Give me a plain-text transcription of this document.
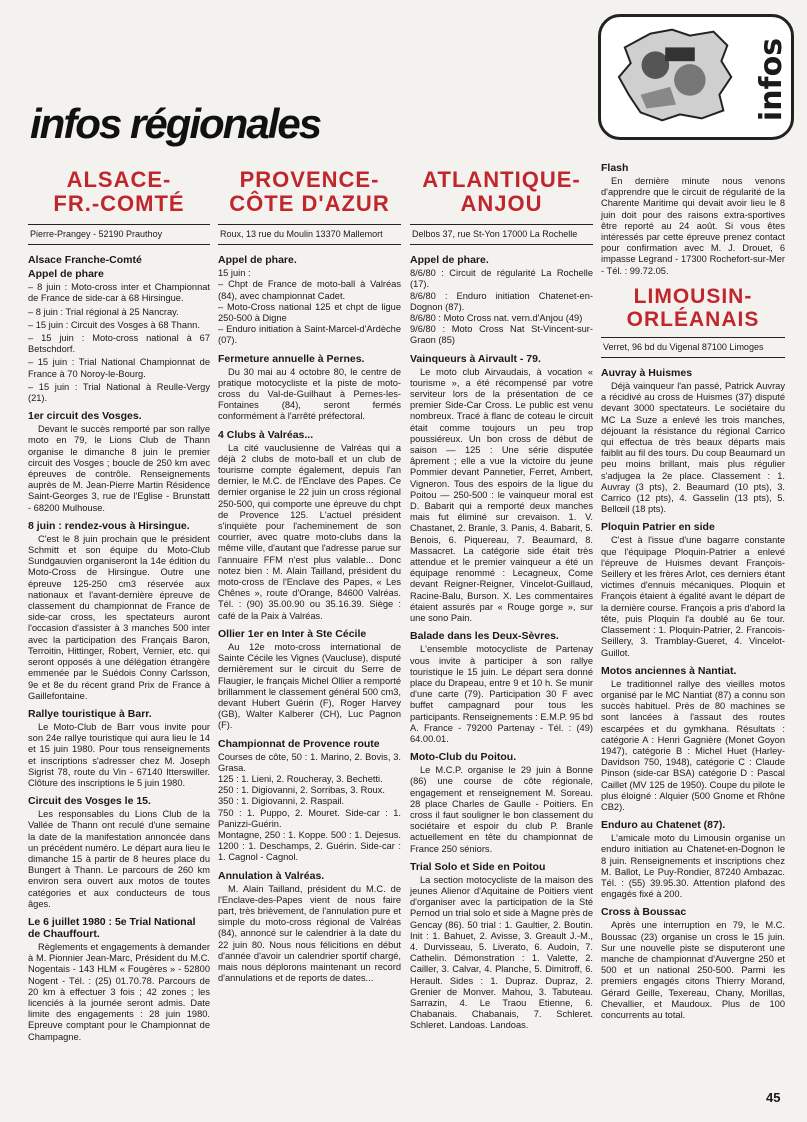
infos régionales
infos
ALSACE-
FR.-COMTÉ
Pierre-Prangey - 52190 Prauthoy
Alsace Franche-Comté
Appel de phare

– 8 juin : Moto-cross inter et Championnat de France de side-car à 68 Hirsingue.

– 8 juin : Trial régional à 25 Nancray.

– 15 juin : Circuit des Vosges à 68 Thann.

– 15 juin : Moto-cross national à 67 Betschdorf.

– 15 juin : Trial National Championnat de France à 70 Noroy-le-Bourg.

– 15 juin : Trial National à Reulle-Vergy (21).

1er circuit des Vosges.

Devant le succès remporté par son rallye moto en 79, le Lions Club de Thann organise le dimanche 8 juin le premier circuit des Vosges ; boucle de 250 km avec épreuves de contrôle. Renseignements auprès de M. Jean-Pierre Martin Résidence Saint-Georges 3, rue de l'Eglise - Brunstatt - 68200 Mulhouse.

8 juin : rendez-vous à Hirsingue.

C'est le 8 juin prochain que le président Schmitt et son équipe du Moto-Club Sundgauvien organiseront la 14e édition du Moto-Cross de Hirsingue. Outre une épreuve 125-250 cm3 réservée aux nationaux et l'avant-dernière épreuve de classement du championnat de France de side-car cross, les spectateurs auront l'occasion d'assister à 3 manches 500 inter avec la participation des Français Baron, Terroitin, Hittinger, Robert, Vernier, etc. qui seront opposés à une délégation étrangère emmenée par le Suédois Conny Carlsson, 9e et 8e du récent grand Prix de France à Gaillefontaine.

Rallye touristique à Barr.

Le Moto-Club de Barr vous invite pour son 24e rallye touristique qui aura lieu le 14 et 15 juin 1980. Pour tous renseignements et inscriptions s'adresser chez M. Joseph Sigrist 78, route du Vin - 67140 Itterswiller. Clôture des inscriptions le 5 juin 1980.

Circuit des Vosges le 15.

Les responsables du Lions Club de la Vallée de Thann ont reculé d'une semaine la date de la manifestation annoncée dans un précédent numéro. Le départ aura lieu le dimanche 15 à partir de 8 heures place du Bungert à Thann. Le parcours de 260 km environ sera ouvert aux motos de toutes catégories et aux conducteurs de tous âges.

Le 6 juillet 1980 : 5e Trial National de Chauffourt.

Règlements et engagements à demander à M. Pionnier Jean-Marc, Président du M.C. Nogentais - 143 HLM « Fougères » - 52800 Nogent - Tél. : (25) 01.70.78. Parcours de 20 km à effectuer 3 fois ; 42 zones ; les licenciés à la journée seront admis. Date limite des engagements : 28 juin 1980. Epreuve comptant pour le Championnat de Champagne.

PROVENCE-
CÔTE D'AZUR
Roux, 13 rue du Moulin 13370 Mallemort
Appel de phare.

15 juin :
– Chpt de France de moto-ball à Valréas (84), avec championnat Cadet.
– Moto-Cross national 125 et chpt de ligue 250-500 à Digne
– Enduro initiation à Saint-Marcel-d'Ardèche (07).

Fermeture annuelle à Pernes.

Du 30 mai au 4 octobre 80, le centre de pratique motocycliste et la piste de moto-cross du Val-de-Guilhaut à Pernes-les-Fontaines (84), seront fermés conformément à l'arrêté préfectoral.

4 Clubs à Valréas...

La cité vauclusienne de Valréas qui a déjà 2 clubs de moto-ball et un club de tourisme compte également, depuis l'an dernier, le M.C. de l'Enclave des Papes. Ce dernier organise le 22 juin un cross régional 250-500, qui comporte une épreuve du chpt de Provence 125. L'actuel président s'inquiète pour l'acheminement de son courrier, avec quatre moto-clubs dans la même ville, d'autant que l'adresse parue sur l'annuaire FFM n'est plus valable... Donc notez bien : M. Alain Tailland, président du moto-cross de l'Enclave des Papes, « Les Chênes », route d'Orange, 84600 Valréas. Tél. : (90) 35.00.90 ou 35.16.39. Siège : café de la Paix à Valréas.

Ollier 1er en Inter à Ste Cécile

Au 12e moto-cross international de Sainte Cécile les Vignes (Vaucluse), disputé dernièrement sur le circuit du Serre de Flaugier, le français Michel Ollier a remporté brillamment le classement général 500 cm3, devant Hubert Guérin (F), Roger Harvey (GB), Walter Kalberer (CH), Luc Pagnon (F).

Championnat de Provence route

Courses de côte, 50 : 1. Marino, 2. Bovis, 3. Grasa.
125 : 1. Lieni, 2. Roucheray, 3. Bechetti.
250 : 1. Digiovanni, 2. Sorribas, 3. Roux.
350 : 1. Digiovanni, 2. Raspail.
750 : 1. Puppo, 2. Mouret. Side-car : 1. Panizzi-Guérin.
Montagne, 250 : 1. Koppe. 500 : 1. Dejesus. 1200 : 1. Deschamps, 2. Guérin. Side-car : 1. Cagnol - Cagnol.

Annulation à Valréas.

M. Alain Tailland, président du M.C. de l'Enclave-des-Papes vient de nous faire part, très brièvement, de l'annulation pure et simple du moto-cross régional de Valréas (84), annoncé sur le calendrier à la date du 22 juin 80. Nous nous félicitions en début d'année d'avoir un calendrier sportif chargé, mais nous déplorons maintenant un record d'annulations et de reports de dates...

ATLANTIQUE-
ANJOU
Delbos 37, rue St-Yon 17000 La Rochelle
Appel de phare.

8/6/80 : Circuit de régularité La Rochelle (17).
8/6/80 : Enduro initiation Chatenet-en-Dognon (87).
8/6/80 : Moto Cross nat. vern.d'Anjou (49)
9/6/80 : Moto Cross Nat St-Vincent-sur-Graon (85)

Vainqueurs à Airvault - 79.

Le moto club Airvaudais, à vocation « tourisme », a été récompensé par votre serviteur lors de la présentation de ce premier Side-Car Cross. Le public est venu nombreux. Tracé à flanc de coteau le circuit était comme toujours un peu trop poussiéreux. Un bon cross de début de saison — 125 : Une série disputée âprement ; elle a vue la victoire du jeune Pommier devant Pannetier, Ferret, Ambert, Vigneron. Tous des espoirs de la ligue du Poitou — 250-500 : le vainqueur moral est D. Babarit qui a remporté deux manches mais fut éliminé sur crevaison. 1. V. Chastanet, 2. Branle, 3. Panis, 4. Babarit, 5. Benois, 6. Piquereau, 7. Beaumard, 8. Massacret. La catégorie side était très attendue et le premier vainqueur a été un équipage renommé : Lecagneux, Come devant Reigner-Reigner, Vincelot-Guillaud, Racine-Balu, Burson. X. Les commentaires étaient assurés par « Rouge gorge », sur une sono Pain.

Balade dans les Deux-Sèvres.

L'ensemble motocycliste de Partenay vous invite à participer à son rallye touristique le 15 juin. Le départ sera donné place du Drapeau, entre 9 et 10 h. Se munir d'une carte (79). Participation 30 F avec buffet campagnard pour tous les participants. Renseignements : E.M.P. 95 bd A. France - 79200 Partenay - Tél. : (49) 64.00.01.

Moto-Club du Poitou.

Le M.C.P. organise le 29 juin à Bonne (86) une course de côte régionale, engagement et renseignement M. Soreau. 28 place Charles de Gaulle - Poitiers. En cross il faut souligner le bon classement du sociétaire et espoir du club P. Branle actuellement en tête du championnat de France 250 séniors.

Trial Solo et Side en Poitou

La section motocycliste de la maison des jeunes Alienor d'Aquitaine de Poitiers vient d'organiser avec la participation de la Sté Pernod un trial solo et side à Magne près de Gencay (86). 50 trial : 1. Gaultier, 2. Boutin. Init : 1. Bahuet, 2. Avisse, 3. Greault J.-M., 4. Durvisseau, 5. Liverato, 6. Audoin, 7. Cathelin. Démonstration : 1. Valette, 2. Cailler, 3. Calvar, 4. Planche, 5. Dimitroff, 6. Herault. Sides : 1. Dupraz. Dupraz, 2. Grenier de Monver. Mahou, 3. Tabuteau. Sarrazin, 4. Le Traou Etienne, 6. Chabanais. Chabanais, 7. Schleret. Schleret. Landoas. Landoas.

Flash

En dernière minute nous venons d'apprendre que le circuit de régularité de la Charente Maritime qui devait avoir lieu le 8 juin doit pour des raisons extra-sportives être reporté au 24 août. Si vous êtes intéressés par cette épreuve prenez contact pour confirmation avec M. J. Drouet, 6 impasse Legrand - 17300 Rochefort-sur-Mer - Tél. : 99.72.05.

LIMOUSIN-
ORLÉANAIS
Verret, 96 bd du Vigenal 87100 Limoges
Auvray à Huismes

Déjà vainqueur l'an passé, Patrick Auvray a récidivé au cross de Huismes (37) disputé devant 3000 spectateurs. Le sociétaire du MC La Suze a enlevé les trois manches, déjouant la résistance du régional Carrico qui effectua de très beaux départs mais faiblit au fil des tours. Du coup Beaumard un peu moins brillant, mais plus régulier s'adjugea la 2e place. Classement : 1. Auvray (3 pts), 2. Beaumard (10 pts), 3. Carrico (12 pts), 4. Gasselin (13 pts), 5. Bellœil (18 pts).

Ploquin Patrier en side

C'est à l'issue d'une bagarre constante que l'équipage Ploquin-Patrier a enlevé l'épreuve de Huismes devant François-Seillery et les frères Arlot, ces derniers étant victimes d'ennuis mécaniques. Ploquin et François étaient à égalité avant le départ de la dernière course. François a pris d'abord la tête, puis Ploquin l'a doublé au 6e tour. Classement : 1. Ploquin-Patrier, 2. Francois-Seillery, 3. Tramblay-Gueret, 4. Vincelot-Guillot.

Motos anciennes à Nantiat.

Le traditionnel rallye des vieilles motos organisé par le MC Nantiat (87) a connu son succès habituel. Près de 80 machines se sont lancées à l'assaut des routes escarpées et du gymkhana. Résultats : catégorie A : Henri Gagnière (Monet Goyon 1947), catégorie B : Michel Huet (Harley-Davidson 750, 1948), catégorie C : Claude Pinson (side-car BSA) catégorie D : Pascal Caillet (MV 125 de 1950). Coupe du pilote le plus éloigné : Alquier (500 Gnome et Rhône CB2).

Enduro au Chatenet (87).

L'amicale moto du Limousin organise un enduro initiation au Chatenet-en-Dognon le 8 juin. Renseignements et inscriptions chez M. Ballot, Le Puy-Rondier, 87240 Ambazac. Tél. : (55) 39.95.30. Attention plafond des engagés fixé à 200.

Cross à Boussac

Après une interruption en 79, le M.C. Boussac (23) organise un cross le 15 juin. Sur une nouvelle piste se disputeront une manche de championnat d'Auvergne 250 et 500 et un national 250-500. Parmi les premiers engagés citons Thierry Morand, Gérard Geille, Texereau, Chany, Morillas, Chevallier, et Maudoux. Plus de 100 concurrents au total.

45
